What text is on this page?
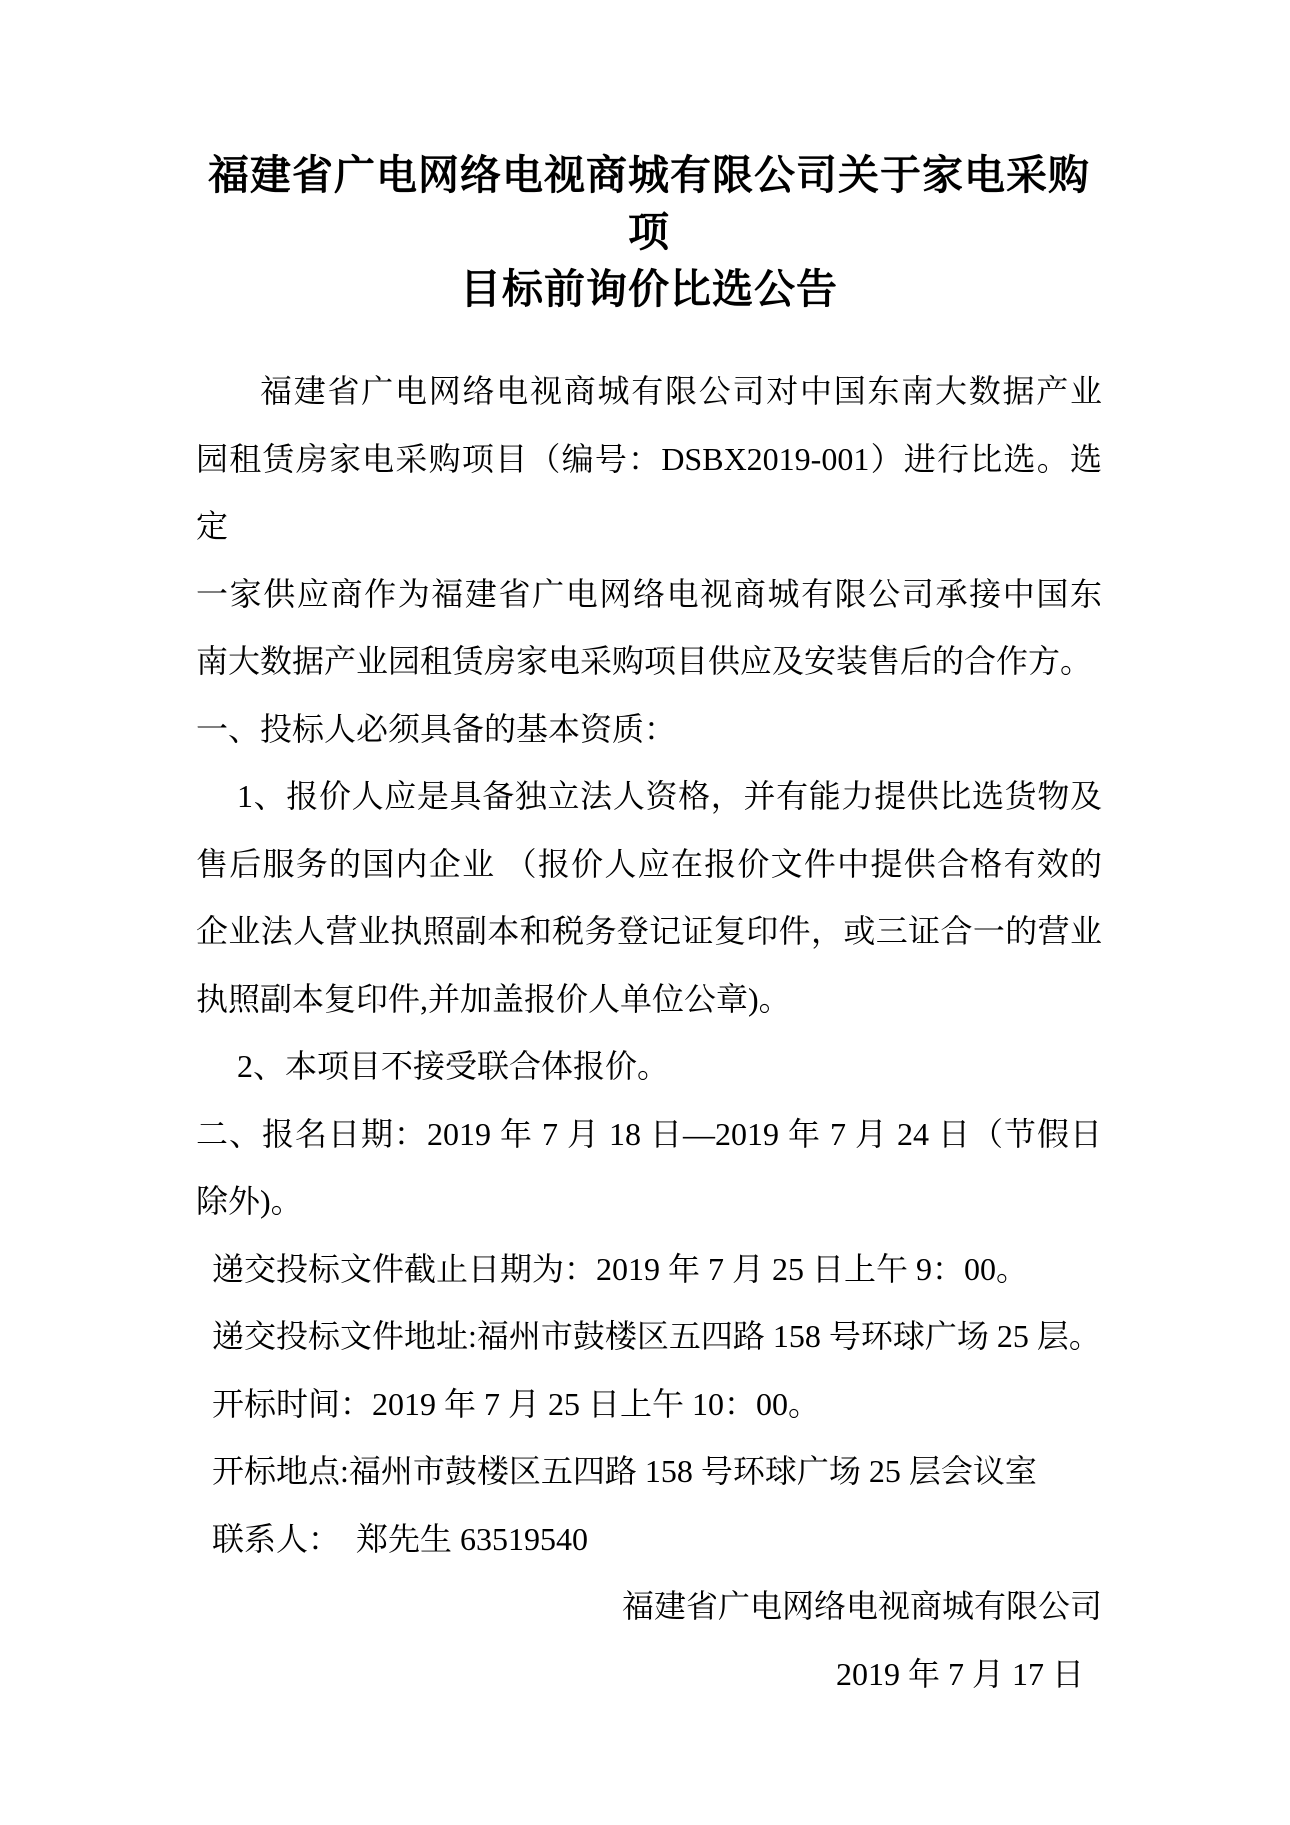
福建省广电网络电视商城有限公司关于家电采购项
目标前询价比选公告
福建省广电网络电视商城有限公司对中国东南大数据产业
园租赁房家电采购项目（编号：DSBX2019-001）进行比选。选定
一家供应商作为福建省广电网络电视商城有限公司承接中国东
南大数据产业园租赁房家电采购项目供应及安装售后的合作方。
一、投标人必须具备的基本资质：
1、报价人应是具备独立法人资格，并有能力提供比选货物及
售后服务的国内企业 （报价人应在报价文件中提供合格有效的
企业法人营业执照副本和税务登记证复印件，或三证合一的营业
执照副本复印件,并加盖报价人单位公章)。
2、本项目不接受联合体报价。
二、报名日期：2019 年 7 月 18 日—2019 年 7 月 24 日（节假日
除外)。
递交投标文件截止日期为：2019 年 7 月 25 日上午 9：00。
递交投标文件地址:福州市鼓楼区五四路 158 号环球广场 25 层。
开标时间：2019 年 7 月 25 日上午 10：00。
开标地点:福州市鼓楼区五四路 158 号环球广场 25 层会议室
联系人：  郑先生 63519540
福建省广电网络电视商城有限公司
2019 年 7 月 17 日
